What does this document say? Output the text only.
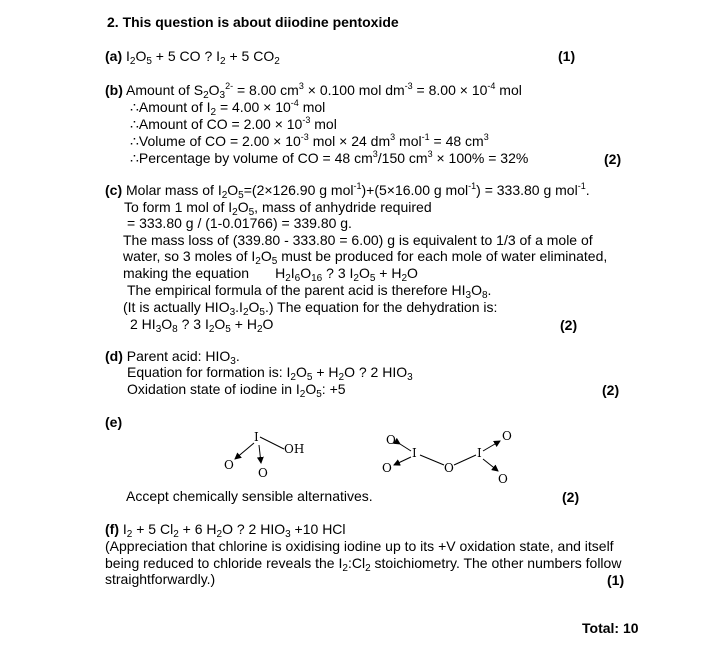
2. This question is about diiodine pentoxide
(a) $I_2O_5 + 5$ CO ? $I_2 + 5$ $CO_2$	(1)
(b) Amount of $S_2O_3^{2-} = 8.00$ $cm^3 \times 0.100$ mol $dm^{-3} = 8.00 \times 10^{-4}$ mol
∴Amount of $I_2 = 4.00 \times 10^{-4}$ mol
∴Amount of CO = $2.00 \times 10^{-3}$ mol
∴Volume of CO = $2.00 \times 10^{-3}$ mol × 24 $dm^3$ mol$^{-1}$ = 48 $cm^3$
∴Percentage by volume of CO = 48 $cm^3/150$ $cm^3 \times 100\% = 32\%$	(2)
(c) Molar mass of $I_2O_5=(2\times 126.90$ g mol$^{-1}$)+(5×16.00 g mol$^{-1}$) = 333.80 g mol$^{-1}$.
To form 1 mol of $I_2O_5$, mass of anhydride required
= 333.80 g / (1-0.01766) = 339.80 g.
The mass loss of (339.80 - 333.80 = 6.00) g is equivalent to 1/3 of a mole of
water, so 3 moles of $I_2O_5$ must be produced for each mole of water eliminated,
making the equation $H_2I_6O_{16}$ ? 3 $I_2O_5 + H_2O$
The empirical formula of the parent acid is therefore $HI_3O_8$.
(It is actually $HIO_3.I_2O_5$.) The equation for the dehydration is:
2 $HI_3O_8$ ? 3 $I_2O_5 + H_2O$	(2)
(d) Parent acid: $HIO_3$.
Equation for formation is: $I_2O_5 + H_2O$ ? 2 $HIO_3$
Oxidation state of iodine in $I_2O_5$: +5	(2)
(e)
I
OH
O
O
O
I
O	O
I
O
O
Accept chemically sensible alternatives.	(2)
(f) $I_2 + 5$ $Cl_2 + 6$ $H_2O$ ? 2 $HIO_3 +10$ HCl
(Appreciation that chlorine is oxidising iodine up to its +V oxidation state, and itself
being reduced to chloride reveals the $I_2:Cl_2$ stoichiometry. The other numbers follow
straightforwardly.)	(1)
Total: 10
